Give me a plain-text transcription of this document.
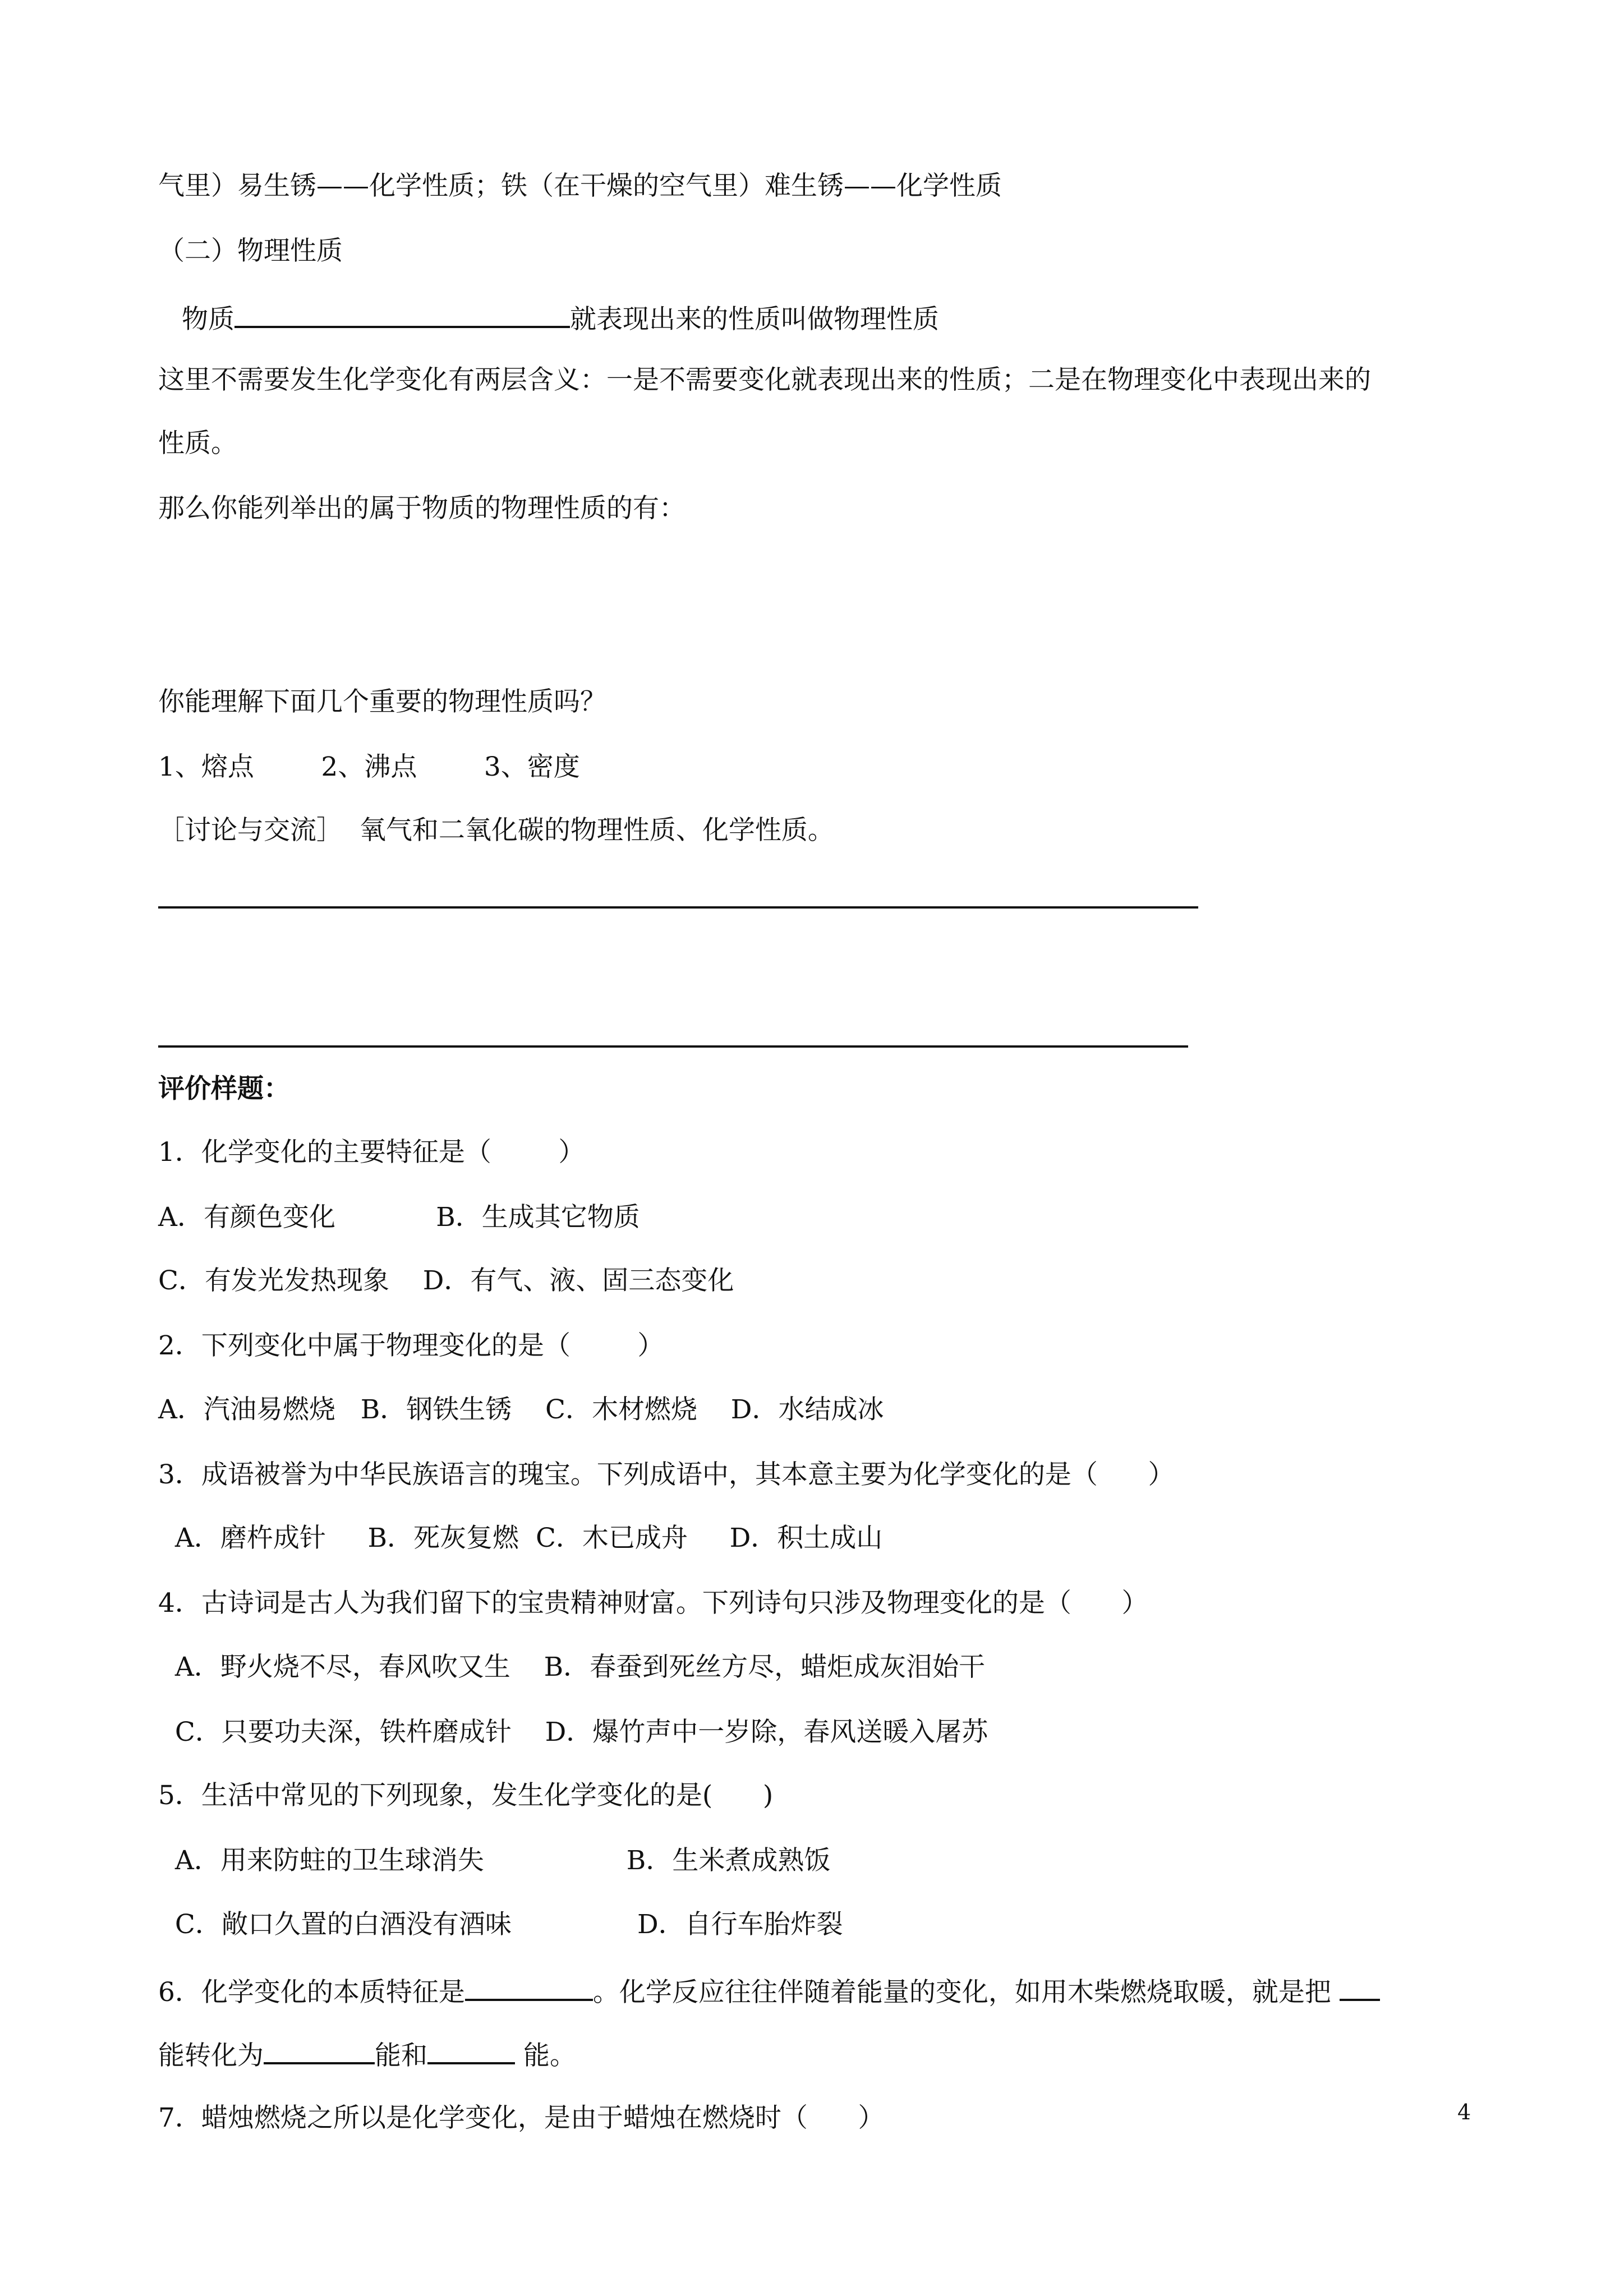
气里）易生锈——化学性质；铁（在干燥的空气里）难生锈——化学性质
（二）物理性质
物质	就表现出来的性质叫做物理性质
这里不需要发生化学变化有两层含义：一是不需要变化就表现出来的性质；二是在物理变化中表现出来的
性质。
那么你能列举出的属于物质的物理性质的有：
你能理解下面几个重要的物理性质吗？
1、熔点        2、沸点        3、密度
［讨论与交流］  氧气和二氧化碳的物理性质、化学性质。
评价样题：
1．化学变化的主要特征是（        ）
A．有颜色变化            B．生成其它物质
C．有发光发热现象    D．有气、液、固三态变化
2．下列变化中属于物理变化的是（        ）
A．汽油易燃烧   B．钢铁生锈    C．木材燃烧    D．水结成冰
3．成语被誉为中华民族语言的瑰宝。下列成语中，其本意主要为化学变化的是（      ）
A．磨杵成针     B．死灰复燃  C．木已成舟     D．积土成山
4．古诗词是古人为我们留下的宝贵精神财富。下列诗句只涉及物理变化的是（      ）
A．野火烧不尽，春风吹又生    B．春蚕到死丝方尽，蜡炬成灰泪始干
C．只要功夫深，铁杵磨成针    D．爆竹声中一岁除，春风送暖入屠苏
5．生活中常见的下列现象，发生化学变化的是(      )
A．用来防蛀的卫生球消失                 B．生米煮成熟饭
C．敞口久置的白酒没有酒味               D．自行车胎炸裂
6．化学变化的本质特征是	。化学反应往往伴随着能量的变化，如用木柴燃烧取暖，就是把
能转化为	能和	能。
7．蜡烛燃烧之所以是化学变化，是由于蜡烛在燃烧时（      ）	4
